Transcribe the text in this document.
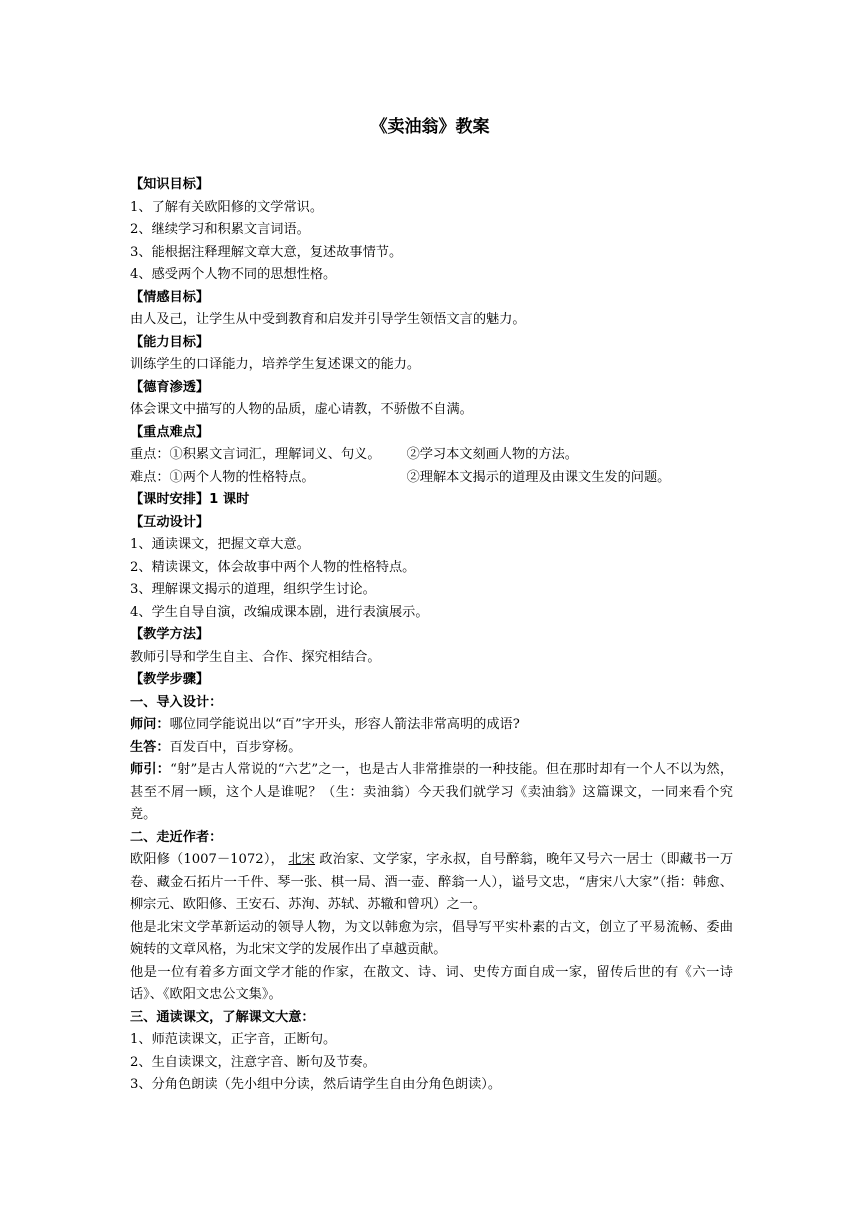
《卖油翁》教案
【知识目标】
1、了解有关欧阳修的文学常识。
2、继续学习和积累文言词语。
3、能根据注释理解文章大意，复述故事情节。
4、感受两个人物不同的思想性格。
【情感目标】
由人及己，让学生从中受到教育和启发并引导学生领悟文言的魅力。
【能力目标】
训练学生的口译能力，培养学生复述课文的能力。
【德育渗透】
体会课文中描写的人物的品质，虚心请教，不骄傲不自满。
【重点难点】
重点：①积累文言词汇，理解词义、句义。 ②学习本文刻画人物的方法。
难点：①两个人物的性格特点。	②理解本文揭示的道理及由课文生发的问题。
【课时安排】1 课时
【互动设计】
1、通读课文，把握文章大意。
2、精读课文，体会故事中两个人物的性格特点。
3、理解课文揭示的道理，组织学生讨论。
4、学生自导自演，改编成课本剧，进行表演展示。
【教学方法】
教师引导和学生自主、合作、探究相结合。
【教学步骤】
一、导入设计：
师问：哪位同学能说出以“百”字开头，形容人箭法非常高明的成语?
生答：百发百中，百步穿杨。
师引：“射”是古人常说的“六艺”之一，也是古人非常推崇的一种技能。但在那时却有一个人不以为然，甚至不屑一顾，这个人是谁呢？（生：卖油翁）今天我们就学习《卖油翁》这篇课文，一同来看个究竟。
二、走近作者：
欧阳修（1007－1072）， 北宋 政治家、文学家，字永叔，自号醉翁，晚年又号六一居士（即藏书一万卷、藏金石拓片一千件、琴一张、棋一局、酒一壶、醉翁一人），谥号文忠，“唐宋八大家”（指：韩愈、柳宗元、欧阳修、王安石、苏洵、苏轼、苏辙和曾巩）之一。
他是北宋文学革新运动的领导人物，为文以韩愈为宗，倡导写平实朴素的古文，创立了平易流畅、委曲婉转的文章风格，为北宋文学的发展作出了卓越贡献。
他是一位有着多方面文学才能的作家，在散文、诗、词、史传方面自成一家，留传后世的有《六一诗话》、《欧阳文忠公文集》。
三、通读课文，了解课文大意：
1、师范读课文，正字音，正断句。
2、生自读课文，注意字音、断句及节奏。
3、分角色朗读（先小组中分读，然后请学生自由分角色朗读）。
